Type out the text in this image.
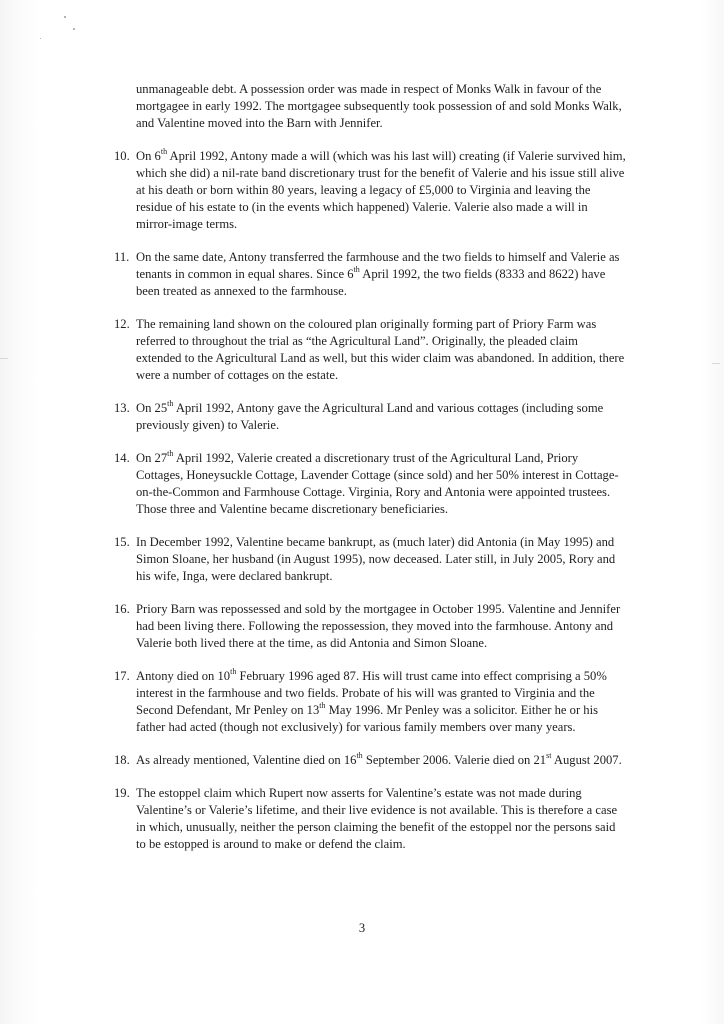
unmanageable debt. A possession order was made in respect of Monks Walk in favour of the mortgagee in early 1992. The mortgagee subsequently took possession of and sold Monks Walk, and Valentine moved into the Barn with Jennifer.

10. On 6th April 1992, Antony made a will (which was his last will) creating (if Valerie survived him, which she did) a nil-rate band discretionary trust for the benefit of Valerie and his issue still alive at his death or born within 80 years, leaving a legacy of £5,000 to Virginia and leaving the residue of his estate to (in the events which happened) Valerie. Valerie also made a will in mirror-image terms.
11. On the same date, Antony transferred the farmhouse and the two fields to himself and Valerie as tenants in common in equal shares. Since 6th April 1992, the two fields (8333 and 8622) have been treated as annexed to the farmhouse.
12. The remaining land shown on the coloured plan originally forming part of Priory Farm was referred to throughout the trial as “the Agricultural Land”. Originally, the pleaded claim extended to the Agricultural Land as well, but this wider claim was abandoned. In addition, there were a number of cottages on the estate.
13. On 25th April 1992, Antony gave the Agricultural Land and various cottages (including some previously given) to Valerie.
14. On 27th April 1992, Valerie created a discretionary trust of the Agricultural Land, Priory Cottages, Honeysuckle Cottage, Lavender Cottage (since sold) and her 50% interest in Cottage-on-the-Common and Farmhouse Cottage. Virginia, Rory and Antonia were appointed trustees. Those three and Valentine became discretionary beneficiaries.
15. In December 1992, Valentine became bankrupt, as (much later) did Antonia (in May 1995) and Simon Sloane, her husband (in August 1995), now deceased. Later still, in July 2005, Rory and his wife, Inga, were declared bankrupt.
16. Priory Barn was repossessed and sold by the mortgagee in October 1995. Valentine and Jennifer had been living there. Following the repossession, they moved into the farmhouse. Antony and Valerie both lived there at the time, as did Antonia and Simon Sloane.
17. Antony died on 10th February 1996 aged 87. His will trust came into effect comprising a 50% interest in the farmhouse and two fields. Probate of his will was granted to Virginia and the Second Defendant, Mr Penley on 13th May 1996. Mr Penley was a solicitor. Either he or his father had acted (though not exclusively) for various family members over many years.
18. As already mentioned, Valentine died on 16th September 2006. Valerie died on 21st August 2007.
19. The estoppel claim which Rupert now asserts for Valentine’s estate was not made during Valentine’s or Valerie’s lifetime, and their live evidence is not available. This is therefore a case in which, unusually, neither the person claiming the benefit of the estoppel nor the persons said to be estopped is around to make or defend the claim.
3
